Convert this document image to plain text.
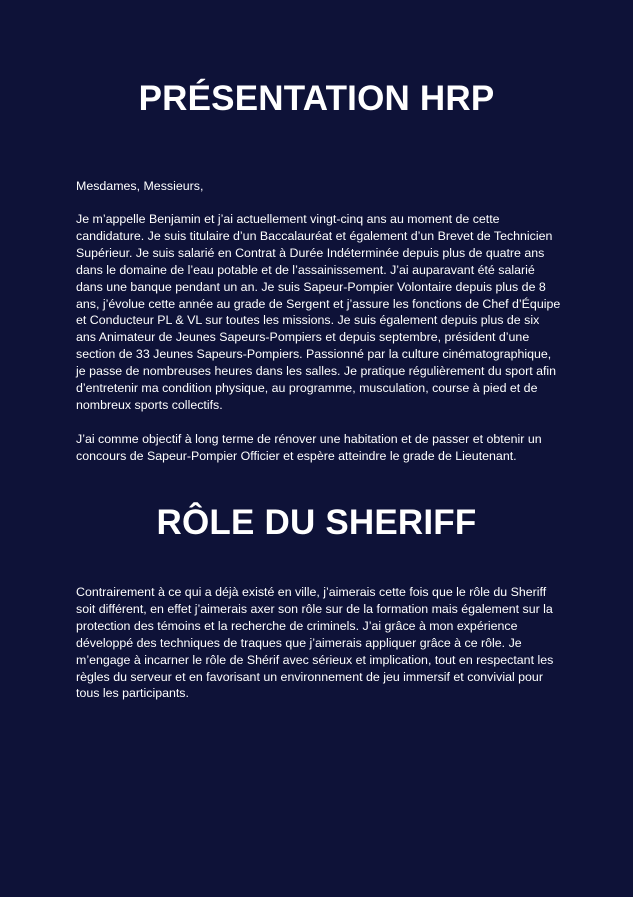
PRÉSENTATION HRP

Mesdames, Messieurs,

Je m’appelle Benjamin et j’ai actuellement vingt-cinq ans au moment de cette candidature. Je suis titulaire d’un Baccalauréat et également d’un Brevet de Technicien Supérieur. Je suis salarié en Contrat à Durée Indéterminée depuis plus de quatre ans dans le domaine de l’eau potable et de l’assainissement. J’ai auparavant été salarié dans une banque pendant un an. Je suis Sapeur-Pompier Volontaire depuis plus de 8 ans, j’évolue cette année au grade de Sergent et j’assure les fonctions de Chef d’Équipe et Conducteur PL & VL sur toutes les missions. Je suis également depuis plus de six ans Animateur de Jeunes Sapeurs-Pompiers et depuis septembre, président d’une section de 33 Jeunes Sapeurs-Pompiers. Passionné par la culture cinématographique, je passe de nombreuses heures dans les salles. Je pratique régulièrement du sport afin d’entretenir ma condition physique, au programme, musculation, course à pied et de nombreux sports collectifs.

J’ai comme objectif à long terme de rénover une habitation et de passer et obtenir un concours de Sapeur-Pompier Officier et espère atteindre le grade de Lieutenant.

RÔLE DU SHERIFF

Contrairement à ce qui a déjà existé en ville, j’aimerais cette fois que le rôle du Sheriff soit différent, en effet j’aimerais axer son rôle sur de la formation mais également sur la protection des témoins et la recherche de criminels. J’ai grâce à mon expérience développé des techniques de traques que j’aimerais appliquer grâce à ce rôle. Je m’engage à incarner le rôle de Shérif avec sérieux et implication, tout en respectant les règles du serveur et en favorisant un environnement de jeu immersif et convivial pour tous les participants.
